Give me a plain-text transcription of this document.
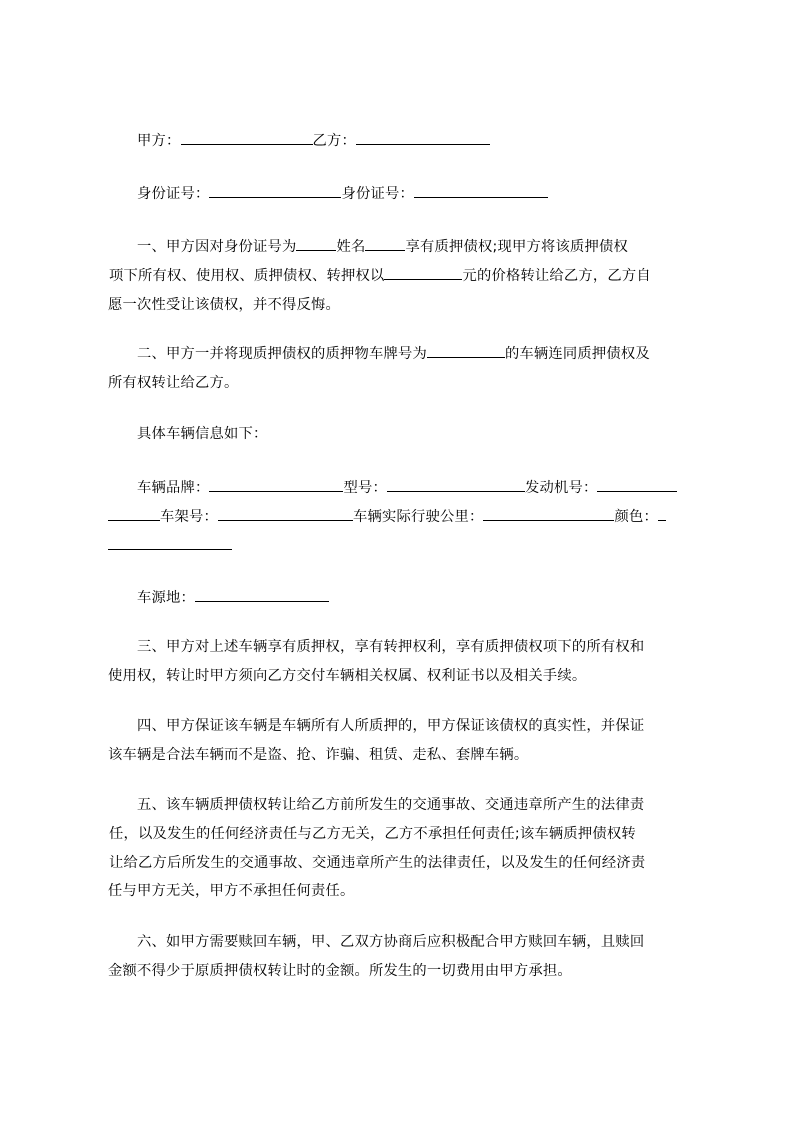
甲方：	乙方：
身份证号：	身份证号：
一、甲方因对身份证号为	姓名	享有质押债权;现甲方将该质押债权
项下所有权、使用权、质押债权、转押权以	元的价格转让给乙方，乙方自
愿一次性受让该债权，并不得反悔。
二、甲方一并将现质押债权的质押物车牌号为	的车辆连同质押债权及
所有权转让给乙方。
具体车辆信息如下：
车辆品牌：	型号：	发动机号：
车架号：	车辆实际行驶公里：	颜色：
车源地：
三、甲方对上述车辆享有质押权，享有转押权利，享有质押债权项下的所有权和
使用权，转让时甲方须向乙方交付车辆相关权属、权利证书以及相关手续。
四、甲方保证该车辆是车辆所有人所质押的，甲方保证该债权的真实性，并保证
该车辆是合法车辆而不是盗、抢、诈骗、租赁、走私、套牌车辆。
五、该车辆质押债权转让给乙方前所发生的交通事故、交通违章所产生的法律责
任，以及发生的任何经济责任与乙方无关，乙方不承担任何责任;该车辆质押债权转
让给乙方后所发生的交通事故、交通违章所产生的法律责任，以及发生的任何经济责
任与甲方无关，甲方不承担任何责任。
六、如甲方需要赎回车辆，甲、乙双方协商后应积极配合甲方赎回车辆，且赎回
金额不得少于原质押债权转让时的金额。所发生的一切费用由甲方承担。
